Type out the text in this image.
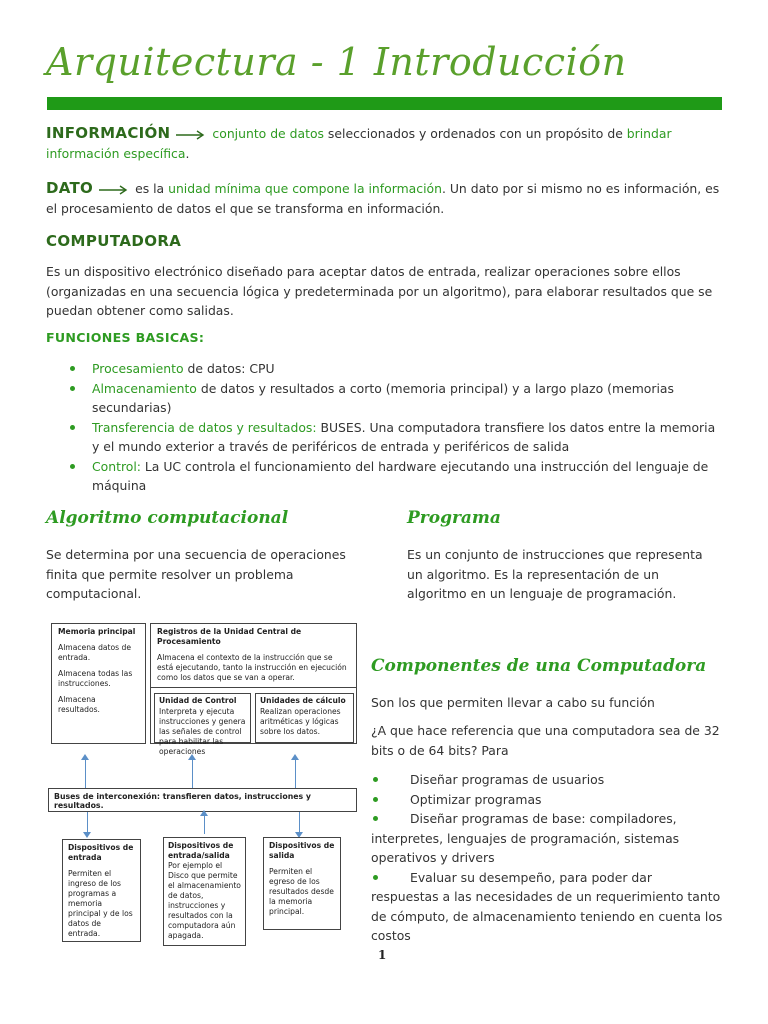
Arquitectura - 1 Introducción
INFORMACIÓN	conjunto de datos seleccionados y ordenados con un propósito de brindar información específica.
DATO	es la unidad mínima que compone la información. Un dato por si mismo no es información, es el procesamiento de datos el que se transforma en información.
COMPUTADORA
Es un dispositivo electrónico diseñado para aceptar datos de entrada, realizar operaciones sobre ellos (organizadas en una secuencia lógica y predeterminada por un algoritmo), para elaborar resultados que se puedan obtener como salidas.
FUNCIONES BASICAS:
Procesamiento de datos: CPU
Almacenamiento de datos y resultados a corto (memoria principal) y a largo plazo (memorias secundarias)
Transferencia de datos y resultados: BUSES. Una computadora transfiere los datos entre la memoria y el mundo exterior a través de periféricos de entrada y periféricos de salida
Control: La UC controla el funcionamiento del hardware ejecutando una instrucción del lenguaje de máquina
Algoritmo computacional
Se determina por una secuencia de operaciones finita que permite resolver un problema computacional.
Programa
Es un conjunto de instrucciones que representa un algoritmo. Es la representación de un algoritmo en un lenguaje de programación.
Memoria principal

Almacena datos de entrada.

Almacena todas las instrucciones.

Almacena resultados.

Registros de la Unidad Central de Procesamiento
Almacena el contexto de la instrucción que se está ejecutando, tanto la instrucción en ejecución como los datos que se van a operar.
Unidad de Control
Interpreta y ejecuta instrucciones y genera las señales de control para habilitar las operaciones
Unidades de cálculo
Realizan operaciones aritméticas y lógicas sobre los datos.
Buses de interconexión: transfieren datos, instrucciones y resultados.
Dispositivos de entrada
Permiten el ingreso de los programas a memoria principal y de los datos de entrada.
Dispositivos de entrada/salida Por ejemplo el Disco que permite el almacenamiento de datos, instrucciones y resultados con la computadora aún apagada.
Dispositivos de salida
Permiten el egreso de los resultados desde la memoria principal.
Componentes de una Computadora
Son los que permiten llevar a cabo su función
¿A que hace referencia que una computadora sea de 32 bits o de 64 bits? Para
Diseñar programas de usuarios
Optimizar programas
Diseñar programas de base: compiladores, interpretes, lenguajes de programación, sistemas operativos y drivers
Evaluar su desempeño, para poder dar respuestas a las necesidades de un requerimiento tanto de cómputo, de almacenamiento teniendo en cuenta los costos
1
